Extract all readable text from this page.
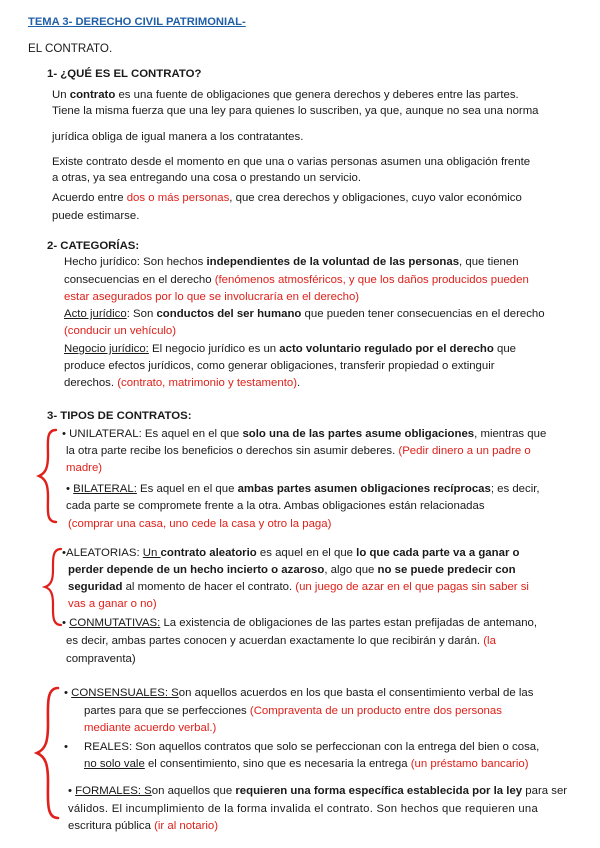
TEMA 3- DERECHO CIVIL PATRIMONIAL-
EL CONTRATO.
1- ¿QUÉ ES EL CONTRATO?
Un contrato es una fuente de obligaciones que genera derechos y deberes entre las partes.
Tiene la misma fuerza que una ley para quienes lo suscriben, ya que, aunque no sea una norma
jurídica obliga de igual manera a los contratantes.
Existe contrato desde el momento en que una o varias personas asumen una obligación frente
a otras, ya sea entregando una cosa o prestando un servicio.
Acuerdo entre dos o más personas, que crea derechos y obligaciones, cuyo valor económico
puede estimarse.
2- CATEGORÍAS:
Hecho jurídico: Son hechos independientes de la voluntad de las personas, que tienen
consecuencias en el derecho (fenómenos atmosféricos, y que los daños producidos pueden
estar asegurados por lo que se involucraría en el derecho)
Acto jurídico: Son conductos del ser humano que pueden tener consecuencias en el derecho
(conducir un vehículo)
Negocio jurídico: El negocio jurídico es un acto voluntario regulado por el derecho que
produce efectos jurídicos, como generar obligaciones, transferir propiedad o extinguir
derechos. (contrato, matrimonio y testamento).
3- TIPOS DE CONTRATOS:
• UNILATERAL: Es aquel en el que solo una de las partes asume obligaciones, mientras que
la otra parte recibe los beneficios o derechos sin asumir deberes. (Pedir dinero a un padre o
madre)
• BILATERAL: Es aquel en el que ambas partes asumen obligaciones recíprocas; es decir,
cada parte se compromete frente a la otra. Ambas obligaciones están relacionadas
(comprar una casa, uno cede la casa y otro la paga)
•ALEATORIAS: Un contrato aleatorio es aquel en el que lo que cada parte va a ganar o
perder depende de un hecho incierto o azaroso, algo que no se puede predecir con
seguridad al momento de hacer el contrato. (un juego de azar en el que pagas sin saber si
vas a ganar o no)
• CONMUTATIVAS: La existencia de obligaciones de las partes estan prefijadas de antemano,
es decir, ambas partes conocen y acuerdan exactamente lo que recibirán y darán. (la
compraventa)
• CONSENSUALES: Son aquellos acuerdos en los que basta el consentimiento verbal de las
partes para que se perfecciones (Compraventa de un producto entre dos personas
mediante acuerdo verbal.)
• REALES: Son aquellos contratos que solo se perfeccionan con la entrega del bien o cosa,
no solo vale el consentimiento, sino que es necesaria la entrega (un préstamo bancario)
• FORMALES: Son aquellos que requieren una forma específica establecida por la ley para ser
válidos. El incumplimiento de la forma invalida el contrato. Son hechos que requieren una
escritura pública (ir al notario)
